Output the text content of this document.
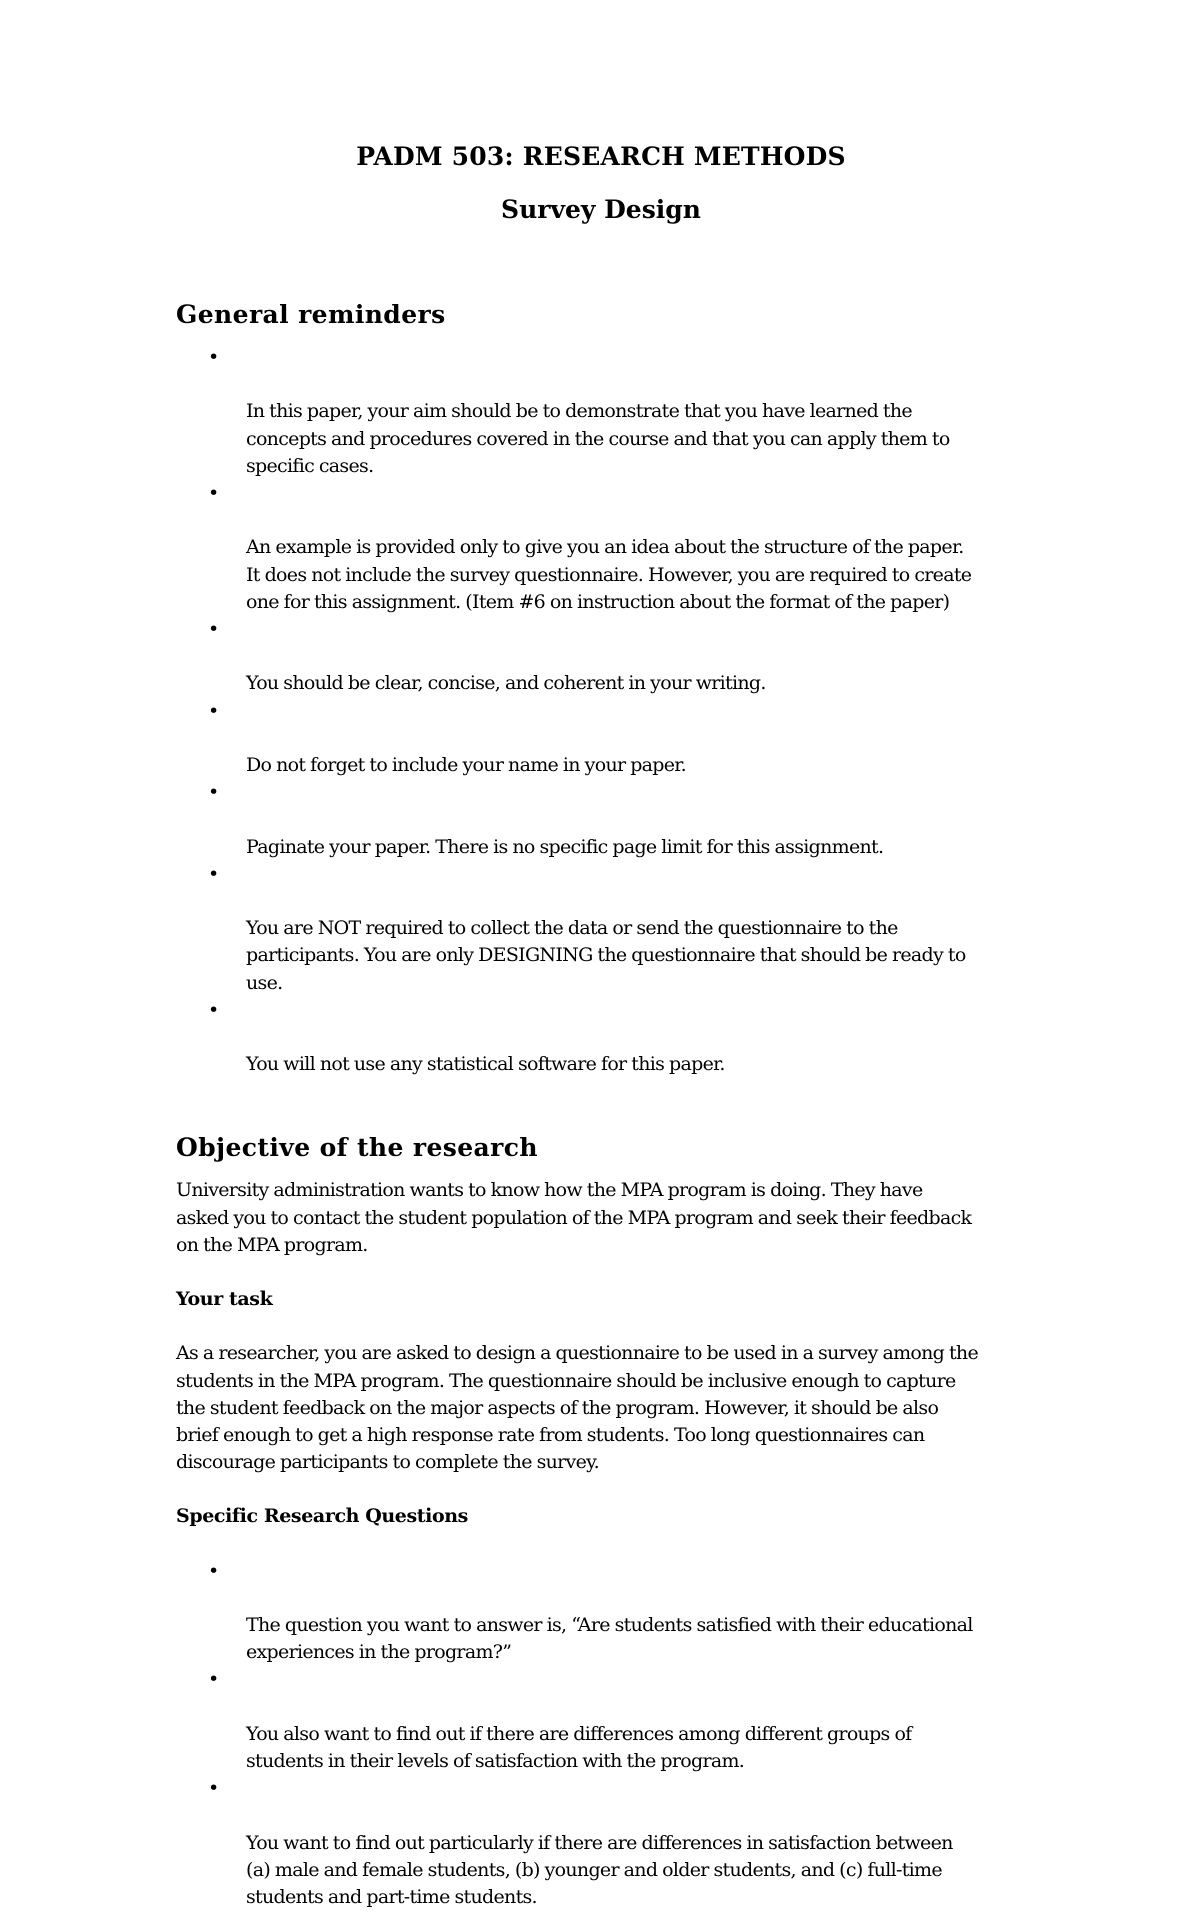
PADM 503: RESEARCH METHODS
Survey Design
General reminders

•

In this paper, your aim should be to demonstrate that you have learned the
concepts and procedures covered in the course and that you can apply them to
specific cases.

•

An example is provided only to give you an idea about the structure of the paper.
It does not include the survey questionnaire. However, you are required to create
one for this assignment. (Item #6 on instruction about the format of the paper)

•

You should be clear, concise, and coherent in your writing.

•

Do not forget to include your name in your paper.

•

Paginate your paper. There is no specific page limit for this assignment.

•

You are NOT required to collect the data or send the questionnaire to the
participants. You are only DESIGNING the questionnaire that should be ready to
use.

•

You will not use any statistical software for this paper.

Objective of the research

University administration wants to know how the MPA program is doing. They have
asked you to contact the student population of the MPA program and seek their feedback
on the MPA program.

Your task

As a researcher, you are asked to design a questionnaire to be used in a survey among the
students in the MPA program. The questionnaire should be inclusive enough to capture
the student feedback on the major aspects of the program. However, it should be also
brief enough to get a high response rate from students. Too long questionnaires can
discourage participants to complete the survey.

Specific Research Questions

•

The question you want to answer is, “Are students satisfied with their educational
experiences in the program?”

•

You also want to find out if there are differences among different groups of
students in their levels of satisfaction with the program.

•

You want to find out particularly if there are differences in satisfaction between
(a) male and female students, (b) younger and older students, and (c) full-time
students and part-time students.
